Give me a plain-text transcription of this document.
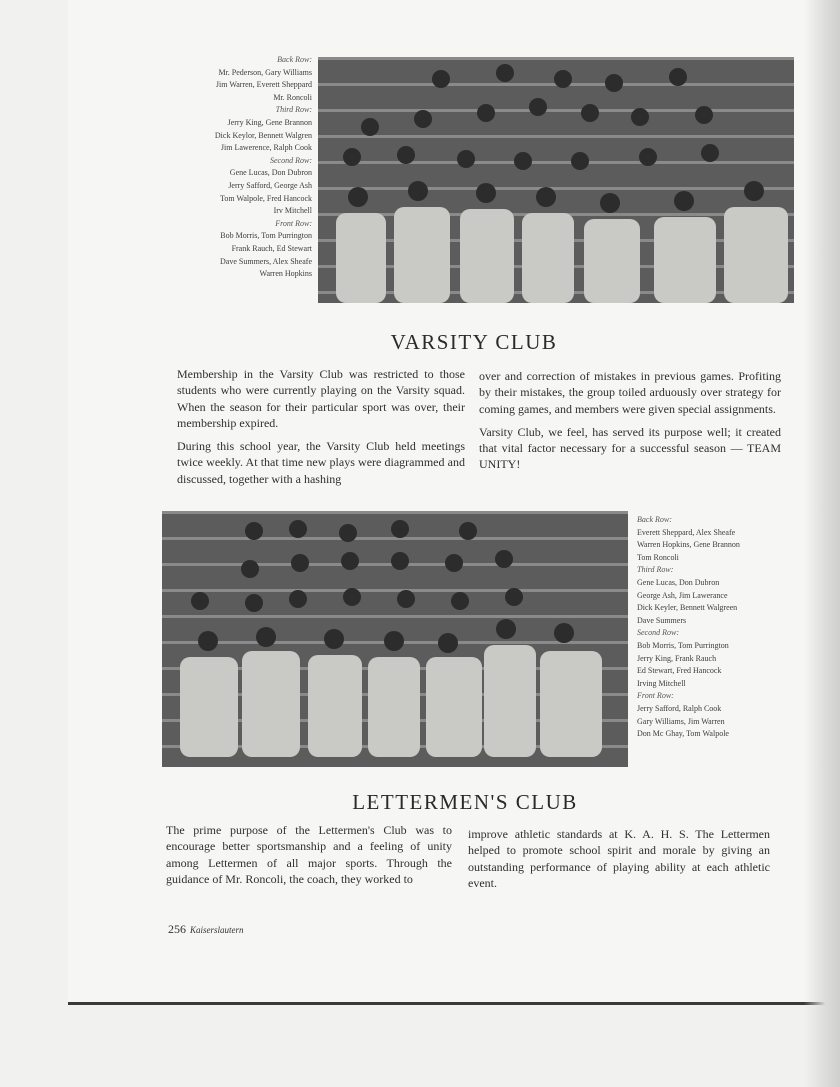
Back Row:
Mr. Pederson, Gary Williams
Jim Warren, Everett Sheppard
Mr. Roncoli
Third Row:
Jerry King, Gene Brannon
Dick Keylor, Bennett Walgren
Jim Lawerence, Ralph Cook
Second Row:
Gene Lucas, Don Dubron
Jerry Safford, George Ash
Tom Walpole, Fred Hancock
Irv Mitchell
Front Row:
Bob Morris, Tom Purrington
Frank Rauch, Ed Stewart
Dave Summers, Alex Sheafe
Warren Hopkins
VARSITY CLUB

Membership in the Varsity Club was restricted to those students who were currently playing on the Varsity squad. When the season for their particular sport was over, their membership expired.

During this school year, the Varsity Club held meetings twice weekly. At that time new plays were diagrammed and discussed, together with a hashing

over and correction of mistakes in previous games. Profiting by their mistakes, the group toiled arduously over strategy for coming games, and members were given special assignments.

Varsity Club, we feel, has served its purpose well; it created that vital factor necessary for a successful season — TEAM UNITY!

Back Row:
Everett Sheppard, Alex Sheafe
Warren Hopkins, Gene Brannon
Tom Roncoli
Third Row:
Gene Lucas, Don Dubron
George Ash, Jim Lawerance
Dick Keyler, Bennett Walgreen
Dave Summers
Second Row:
Bob Morris, Tom Purrington
Jerry King, Frank Rauch
Ed Stewart, Fred Hancock
Irving Mitchell
Front Row:
Jerry Safford, Ralph Cook
Gary Williams, Jim Warren
Don Mc Ghay, Tom Walpole
LETTERMEN'S CLUB

The prime purpose of the Lettermen's Club was to encourage better sportsmanship and a feeling of unity among Lettermen of all major sports. Through the guidance of Mr. Roncoli, the coach, they worked to

improve athletic standards at K. A. H. S. The Lettermen helped to promote school spirit and morale by giving an outstanding performance of playing ability at each athletic event.

256 Kaiserslautern
